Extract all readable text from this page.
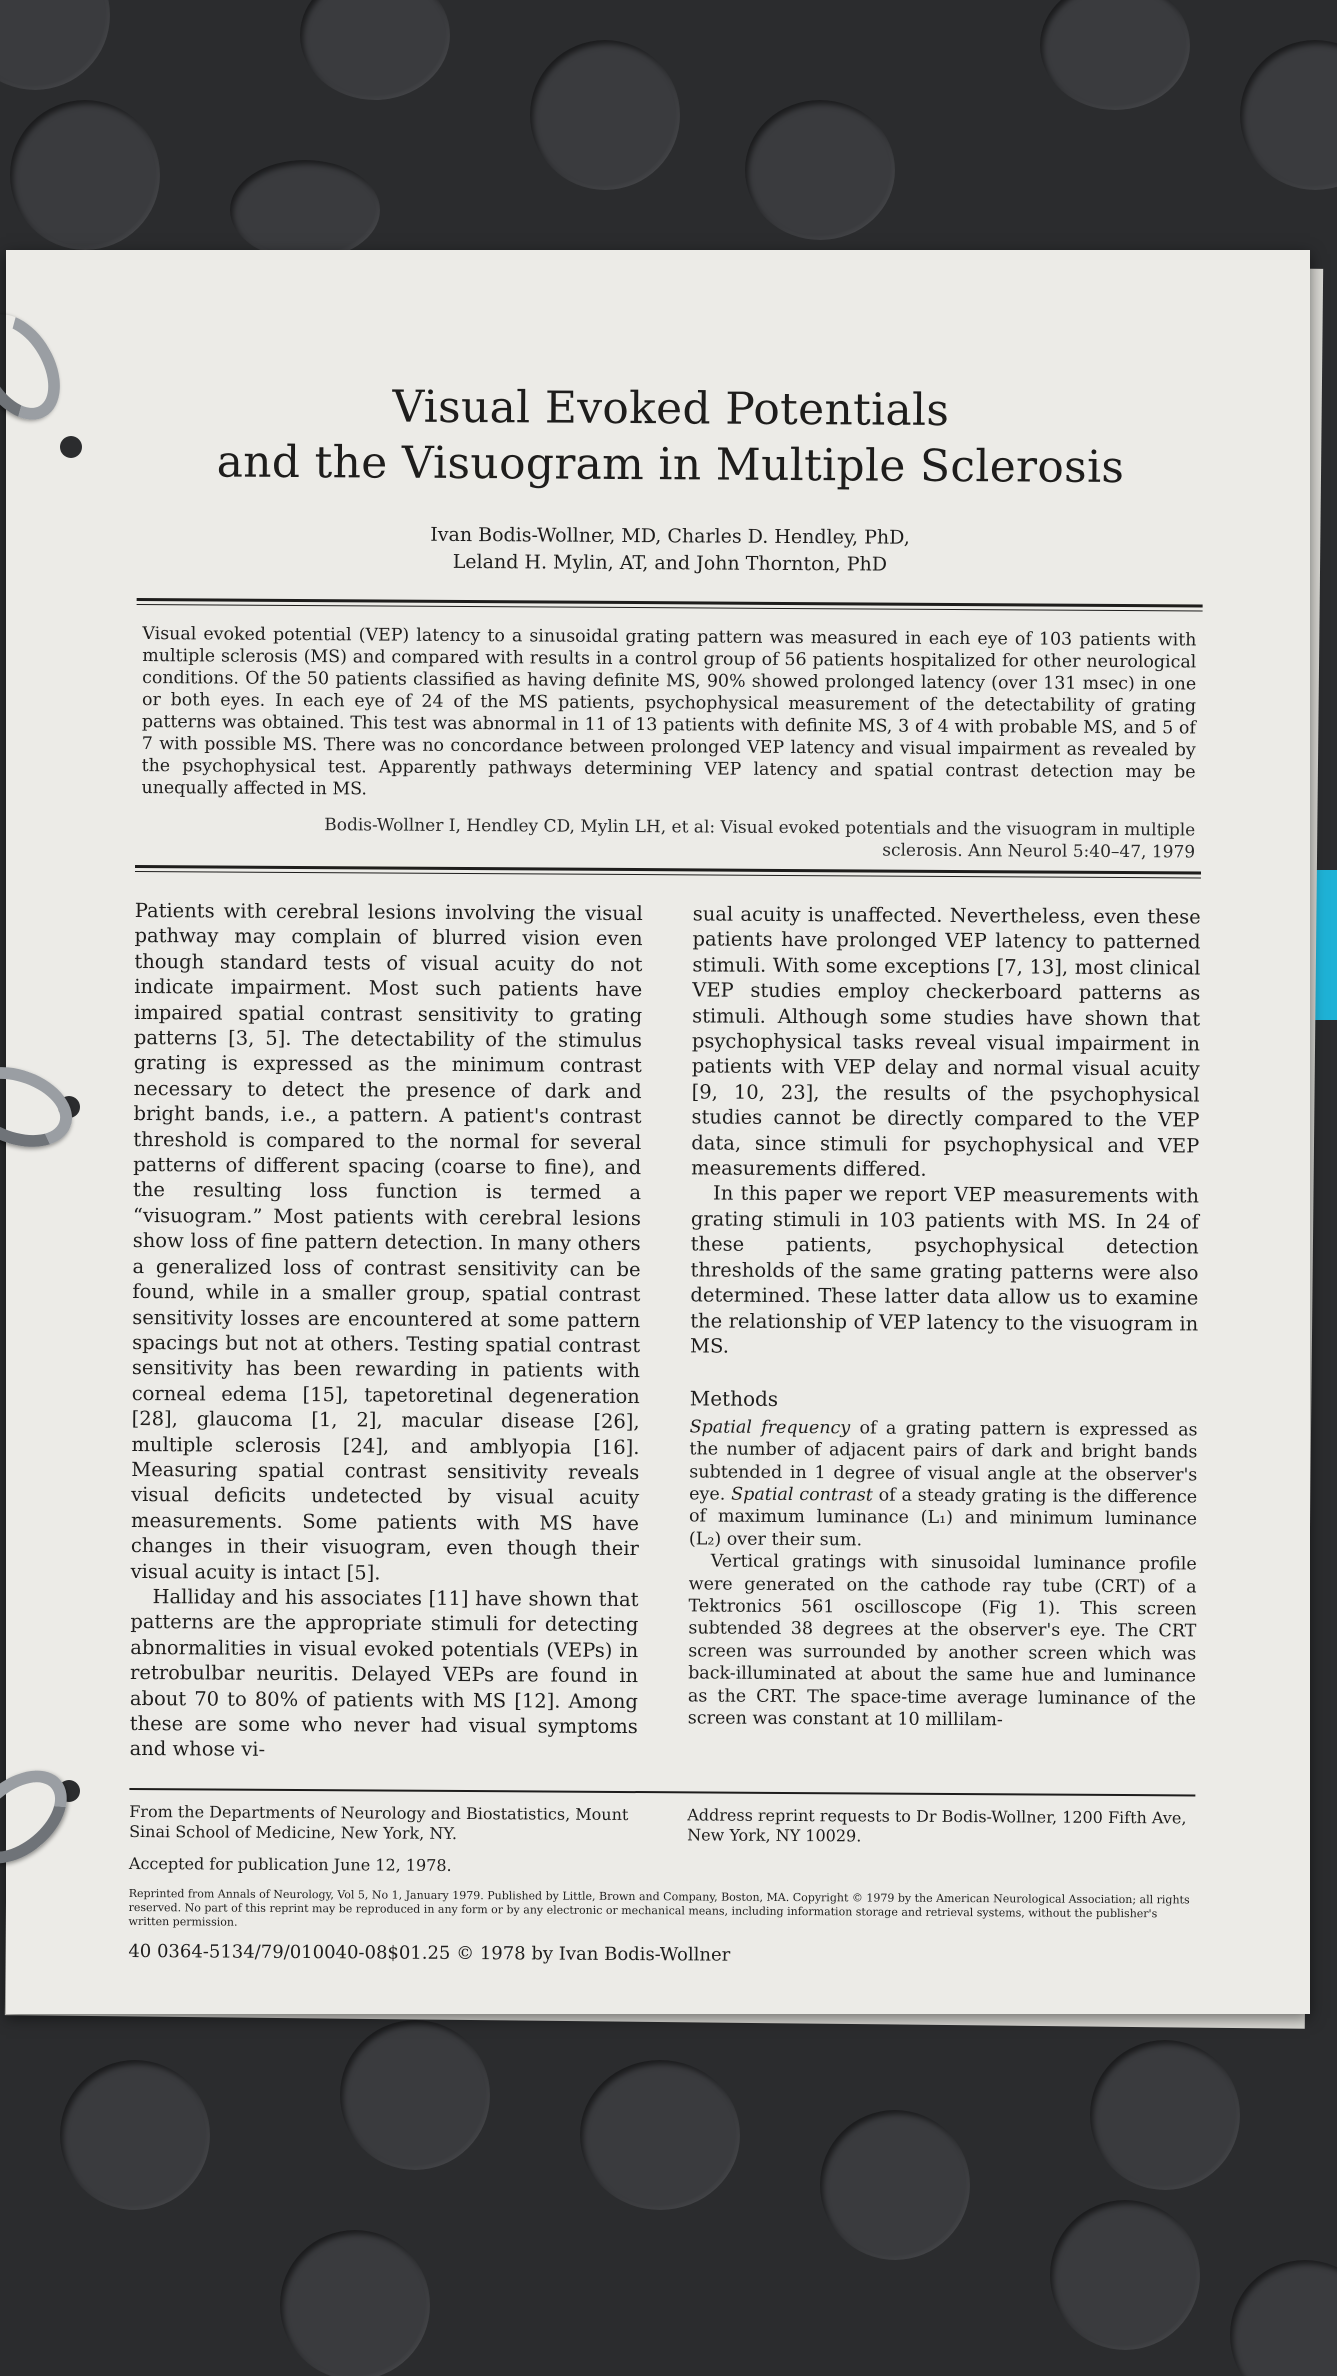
Visual Evoked Potentials
and the Visuogram in Multiple Sclerosis
Ivan Bodis-Wollner, MD, Charles D. Hendley, PhD,
Leland H. Mylin, AT, and John Thornton, PhD
Visual evoked potential (VEP) latency to a sinusoidal grating pattern was measured in each eye of 103 patients with multiple sclerosis (MS) and compared with results in a control group of 56 patients hospitalized for other neurological conditions. Of the 50 patients classified as having definite MS, 90% showed prolonged latency (over 131 msec) in one or both eyes. In each eye of 24 of the MS patients, psychophysical measurement of the detectability of grating patterns was obtained. This test was abnormal in 11 of 13 patients with definite MS, 3 of 4 with probable MS, and 5 of 7 with possible MS. There was no concordance between prolonged VEP latency and visual impairment as revealed by the psychophysical test. Apparently pathways determining VEP latency and spatial contrast detection may be unequally affected in MS.
Bodis-Wollner I, Hendley CD, Mylin LH, et al: Visual evoked potentials and the visuogram in multiple
sclerosis. Ann Neurol 5:40–47, 1979

Patients with cerebral lesions involving the visual pathway may complain of blurred vision even though standard tests of visual acuity do not indicate impairment. Most such patients have impaired spatial contrast sensitivity to grating patterns [3, 5]. The detectability of the stimulus grating is expressed as the minimum contrast necessary to detect the presence of dark and bright bands, i.e., a pattern. A patient's contrast threshold is compared to the normal for several patterns of different spacing (coarse to fine), and the resulting loss function is termed a “visuogram.” Most patients with cerebral lesions show loss of fine pattern detection. In many others a generalized loss of contrast sensitivity can be found, while in a smaller group, spatial contrast sensitivity losses are encountered at some pattern spacings but not at others. Testing spatial contrast sensitivity has been rewarding in patients with corneal edema [15], tapetoretinal degeneration [28], glaucoma [1, 2], macular disease [26], multiple sclerosis [24], and amblyopia [16]. Measuring spatial contrast sensitivity reveals visual deficits undetected by visual acuity measurements. Some patients with MS have changes in their visuogram, even though their visual acuity is intact [5].

Halliday and his associates [11] have shown that patterns are the appropriate stimuli for detecting abnormalities in visual evoked potentials (VEPs) in retrobulbar neuritis. Delayed VEPs are found in about 70 to 80% of patients with MS [12]. Among these are some who never had visual symptoms and whose vi-

sual acuity is unaffected. Nevertheless, even these patients have prolonged VEP latency to patterned stimuli. With some exceptions [7, 13], most clinical VEP studies employ checkerboard patterns as stimuli. Although some studies have shown that psychophysical tasks reveal visual impairment in patients with VEP delay and normal visual acuity [9, 10, 23], the results of the psychophysical studies cannot be directly compared to the VEP data, since stimuli for psychophysical and VEP measurements differed.

In this paper we report VEP measurements with grating stimuli in 103 patients with MS. In 24 of these patients, psychophysical detection thresholds of the same grating patterns were also determined. These latter data allow us to examine the relationship of VEP latency to the visuogram in MS.

Methods

Spatial frequency of a grating pattern is expressed as the number of adjacent pairs of dark and bright bands subtended in 1 degree of visual angle at the observer's eye. Spatial contrast of a steady grating is the difference of maximum luminance (L₁) and minimum luminance (L₂) over their sum.

Vertical gratings with sinusoidal luminance profile were generated on the cathode ray tube (CRT) of a Tektronics 561 oscilloscope (Fig 1). This screen subtended 38 degrees at the observer's eye. The CRT screen was surrounded by another screen which was back-illuminated at about the same hue and luminance as the CRT. The space-time average luminance of the screen was constant at 10 millilam-

From the Departments of Neurology and Biostatistics, Mount Sinai School of Medicine, New York, NY.
Address reprint requests to Dr Bodis-Wollner, 1200 Fifth Ave, New York, NY 10029.
Accepted for publication June 12, 1978.
Reprinted from Annals of Neurology, Vol 5, No 1, January 1979. Published by Little, Brown and Company, Boston, MA. Copyright © 1979 by the American Neurological Association; all rights reserved. No part of this reprint may be reproduced in any form or by any electronic or mechanical means, including information storage and retrieval systems, without the publisher's written permission.
40 0364-5134/79/010040-08$01.25 © 1978 by Ivan Bodis-Wollner
